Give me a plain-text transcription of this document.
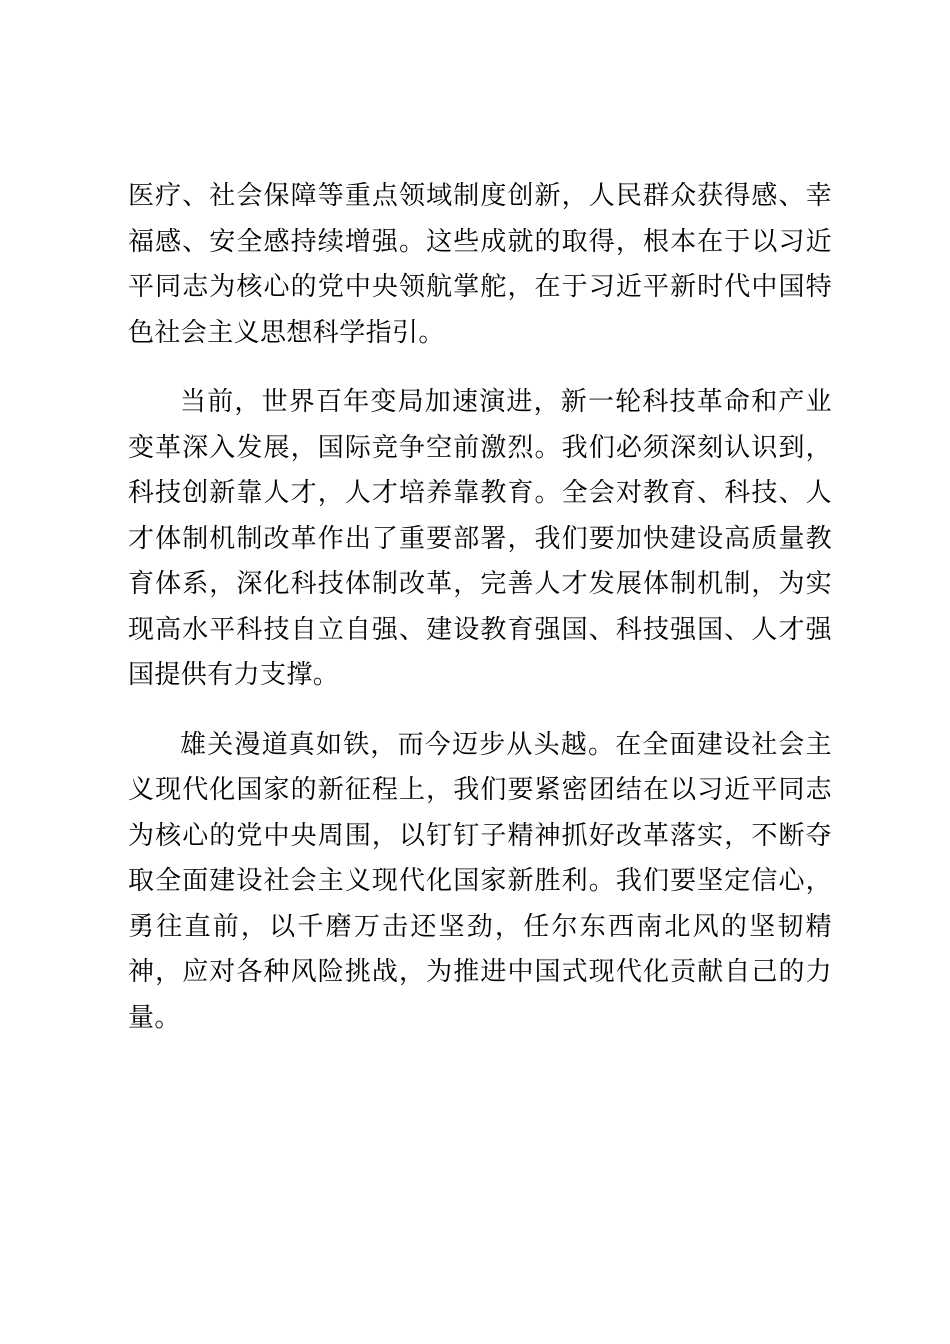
医疗、社会保障等重点领域制度创新，人民群众获得感、幸福感、安全感持续增强。这些成就的取得，根本在于以习近平同志为核心的党中央领航掌舵，在于习近平新时代中国特色社会主义思想科学指引。

当前，世界百年变局加速演进，新一轮科技革命和产业变革深入发展，国际竞争空前激烈。我们必须深刻认识到，科技创新靠人才，人才培养靠教育。全会对教育、科技、人才体制机制改革作出了重要部署，我们要加快建设高质量教育体系，深化科技体制改革，完善人才发展体制机制，为实现高水平科技自立自强、建设教育强国、科技强国、人才强国提供有力支撑。

雄关漫道真如铁，而今迈步从头越。在全面建设社会主义现代化国家的新征程上，我们要紧密团结在以习近平同志为核心的党中央周围，以钉钉子精神抓好改革落实，不断夺取全面建设社会主义现代化国家新胜利。我们要坚定信心，勇往直前，以千磨万击还坚劲，任尔东西南北风的坚韧精神，应对各种风险挑战，为推进中国式现代化贡献自己的力量。
